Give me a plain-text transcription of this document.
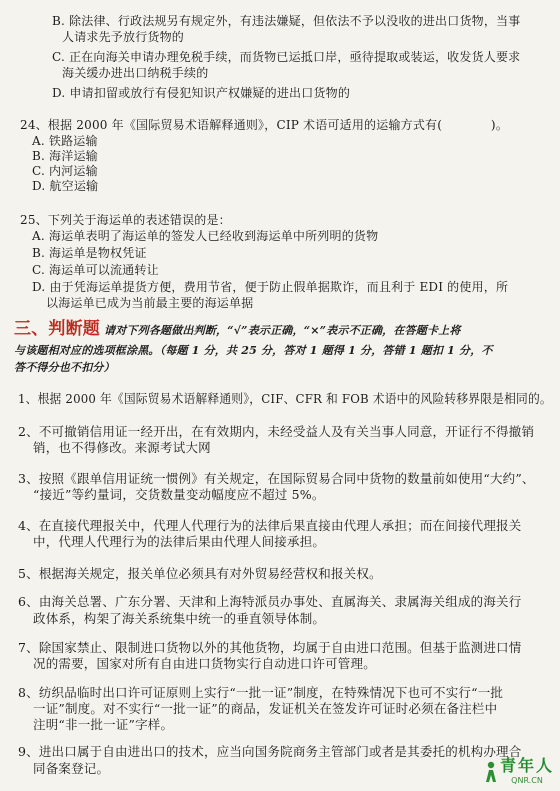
B. 除法律、行政法规另有规定外，有违法嫌疑，但依法不予以没收的进出口货物，当事
人请求先予放行货物的
C. 正在向海关申请办理免税手续，而货物已运抵口岸，亟待提取或装运，收发货人要求
海关缓办进出口纳税手续的
D. 申请扣留或放行有侵犯知识产权嫌疑的进出口货物的
24、根据 2000 年《国际贸易术语解释通则》，CIP 术语可适用的运输方式有(　　　　)。
A. 铁路运输
B. 海洋运输
C. 内河运输
D. 航空运输
25、下列关于海运单的表述错误的是：
A. 海运单表明了海运单的签发人已经收到海运单中所列明的货物
B. 海运单是物权凭证
C. 海运单可以流通转让
D. 由于凭海运单提货方便，费用节省，便于防止假单据欺诈，而且利于 EDI 的使用，所
以海运单已成为当前最主要的海运单据
三、判断题 请对下列各题做出判断，“√”表示正确，“×”表示不正确，在答题卡上将
与该题相对应的选项框涂黑。（每题 1 分，共 25 分，答对 1 题得 1 分，答错 1 题扣 1 分，不
答不得分也不扣分）
1、根据 2000 年《国际贸易术语解释通则》，CIF、CFR 和 FOB 术语中的风险转移界限是相同的。
2、不可撤销信用证一经开出，在有效期内，未经受益人及有关当事人同意，开证行不得撤销
销，也不得修改。来源考试大网
3、按照《跟单信用证统一惯例》有关规定，在国际贸易合同中货物的数量前如使用“大约”、
“接近”等约量词，交货数量变动幅度应不超过 5%。
4、在直接代理报关中，代理人代理行为的法律后果直接由代理人承担；而在间接代理报关
中，代理人代理行为的法律后果由代理人间接承担。
5、根据海关规定，报关单位必须具有对外贸易经营权和报关权。
6、由海关总署、广东分署、天津和上海特派员办事处、直属海关、隶属海关组成的海关行
政体系，构架了海关系统集中统一的垂直领导体制。
7、除国家禁止、限制进口货物以外的其他货物，均属于自由进口范围。但基于监测进口情
况的需要，国家对所有自由进口货物实行自动进口许可管理。
8、纺织品临时出口许可证原则上实行“一批一证”制度，在特殊情况下也可不实行“一批
一证”制度。对不实行“一批一证”的商品，发证机关在签发许可证时必须在备注栏中
注明“非一批一证”字样。
9、进出口属于自由进出口的技术，应当向国务院商务主管部门或者是其委托的机构办理合
同备案登记。	青年人
QNR.CN
